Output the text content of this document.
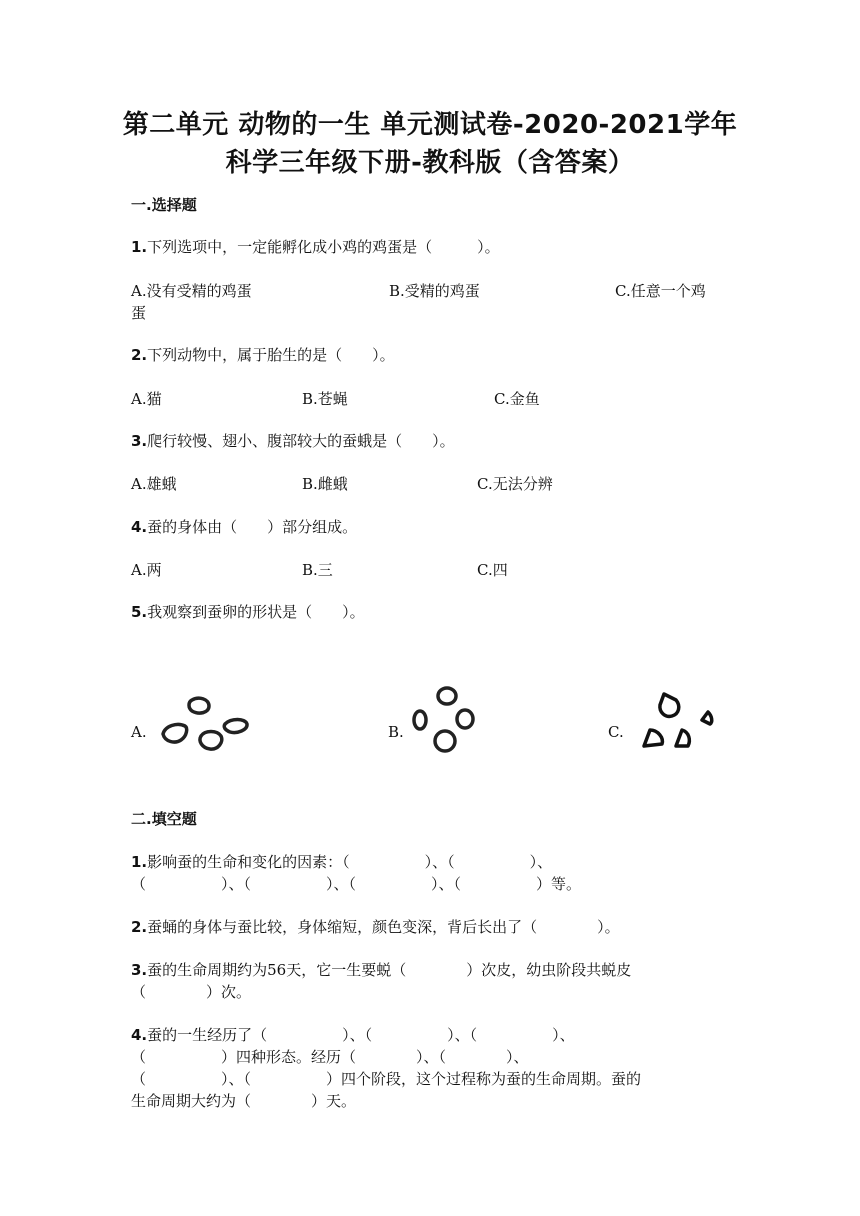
第二单元 动物的一生 单元测试卷-2020-2021学年
科学三年级下册-教科版（含答案）
一.选择题
1.下列选项中，一定能孵化成小鸡的鸡蛋是（　　　）。
A.没有受精的鸡蛋	B.受精的鸡蛋	C.任意一个鸡
蛋
2.下列动物中，属于胎生的是（　　）。
A.猫	B.苍蝇	C.金鱼
3.爬行较慢、翅小、腹部较大的蚕蛾是（　　）。
A.雄蛾	B.雌蛾	C.无法分辨
4.蚕的身体由（　　）部分组成。
A.两	B.三	C.四
5.我观察到蚕卵的形状是（　　）。
A.	B.	C.
二.填空题
1.影响蚕的生命和变化的因素：（　　　　　）、（　　　　　）、
（　　　　　）、（　　　　　）、（　　　　　）、（　　　　　）等。
2.蚕蛹的身体与蚕比较，身体缩短，颜色变深，背后长出了（　　　　）。
3.蚕的生命周期约为56天，它一生要蜕（　　　　）次皮，幼虫阶段共蜕皮
（　　　　）次。
4.蚕的一生经历了（　　　　　）、（　　　　　）、（　　　　　）、
（　　　　　）四种形态。经历（　　　　）、（　　　　）、
（　　　　　）、（　　　　　）四个阶段，这个过程称为蚕的生命周期。蚕的
生命周期大约为（　　　　）天。
